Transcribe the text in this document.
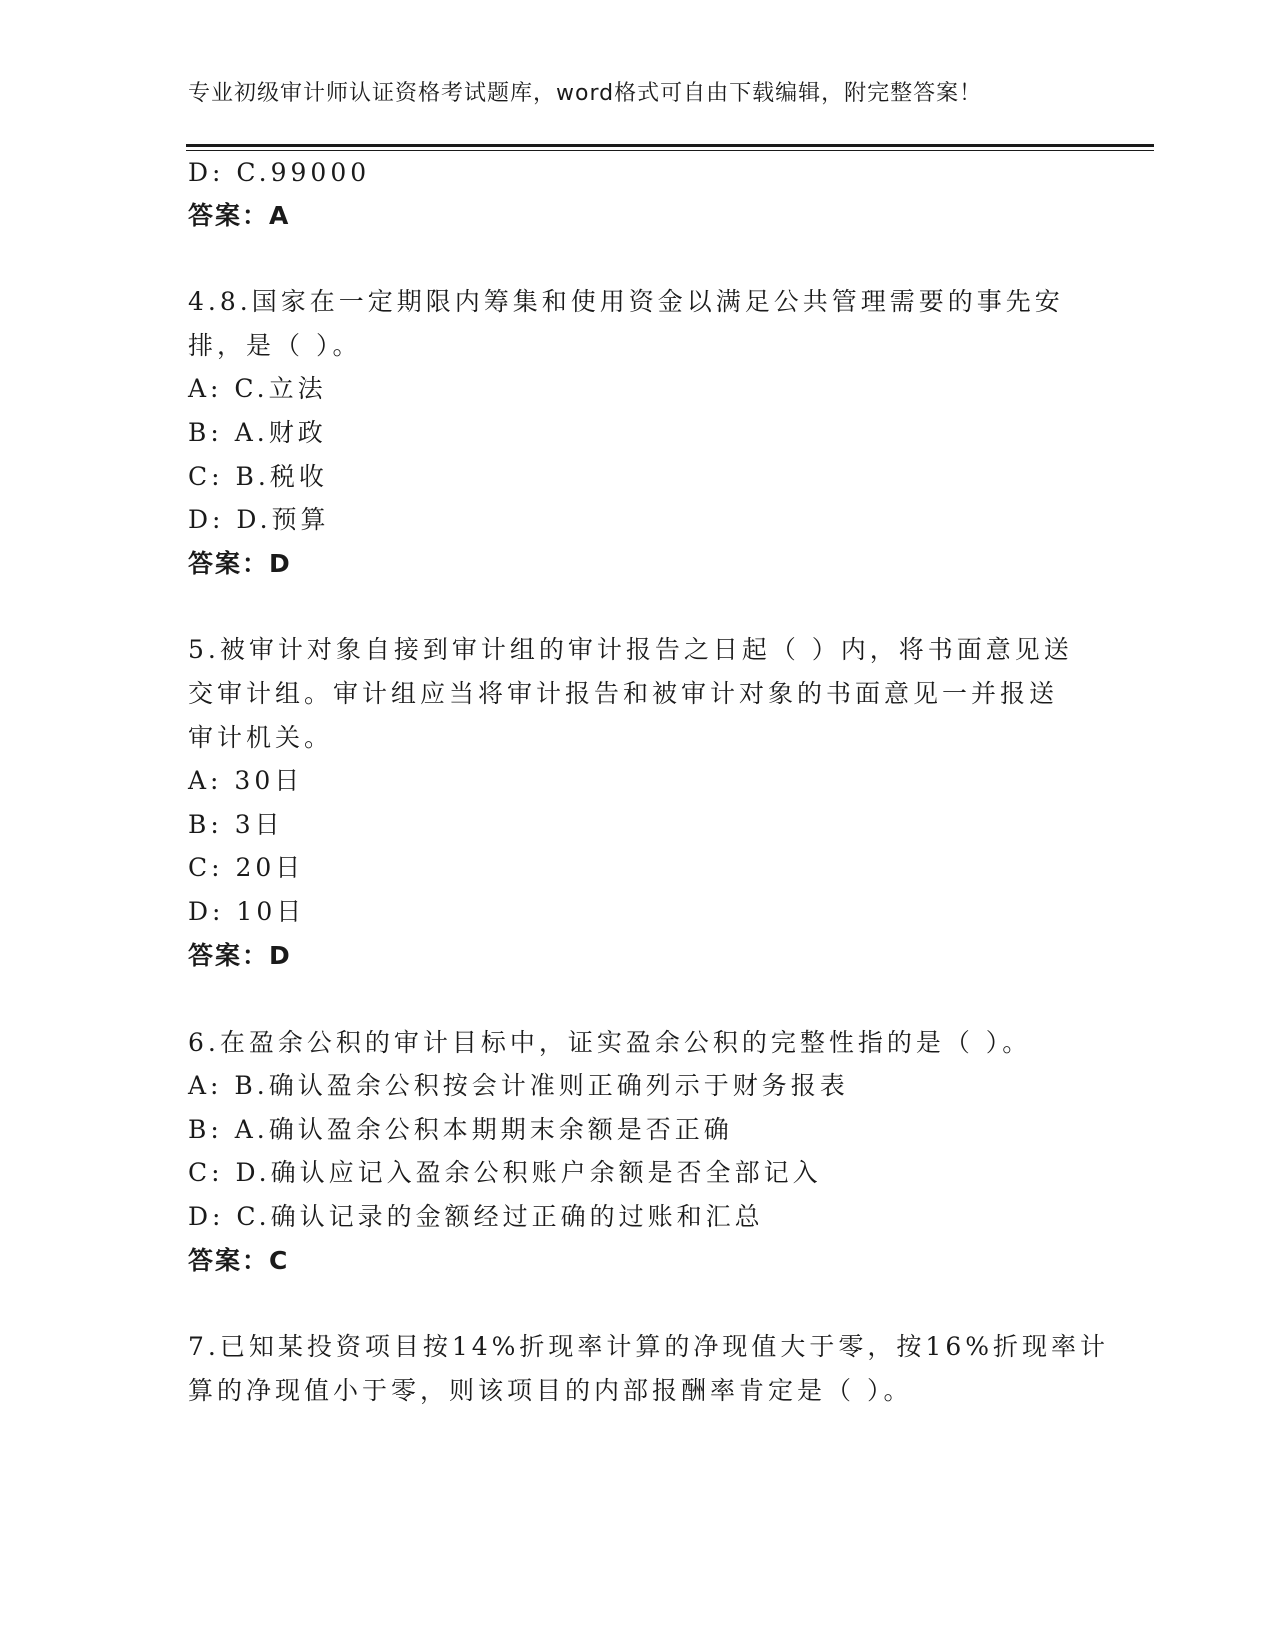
专业初级审计师认证资格考试题库，word格式可自由下载编辑，附完整答案！
D: C.99000
答案：A
4.8.国家在一定期限内筹集和使用资金以满足公共管理需要的事先安
排，是（ ）。
A: C.立法
B: A.财政
C: B.税收
D: D.预算
答案：D
5.被审计对象自接到审计组的审计报告之日起（ ）内，将书面意见送
交审计组。审计组应当将审计报告和被审计对象的书面意见一并报送
审计机关。
A: 30日
B: 3日
C: 20日
D: 10日
答案：D
6.在盈余公积的审计目标中，证实盈余公积的完整性指的是（ ）。
A: B.确认盈余公积按会计准则正确列示于财务报表
B: A.确认盈余公积本期期末余额是否正确
C: D.确认应记入盈余公积账户余额是否全部记入
D: C.确认记录的金额经过正确的过账和汇总
答案：C
7.已知某投资项目按14%折现率计算的净现值大于零，按16%折现率计
算的净现值小于零，则该项目的内部报酬率肯定是（ ）。
